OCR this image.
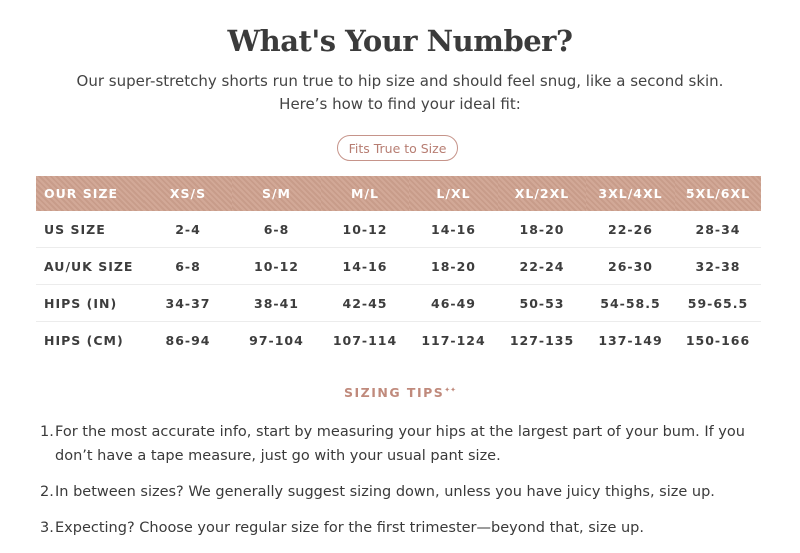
What's Your Number?
Our super-stretchy shorts run true to hip size and should feel snug, like a second skin.
Here’s how to find your ideal fit:
Fits True to Size
OUR SIZE	XS/S	S/M	M/L	L/XL	XL/2XL	3XL/4XL	5XL/6XL
US SIZE	2-4	6-8	10-12	14-16	18-20	22-26	28-34
AU/UK SIZE	6-8	10-12	14-16	18-20	22-24	26-30	32-38
HIPS (IN)	34-37	38-41	42-45	46-49	50-53	54-58.5	59-65.5
HIPS (CM)	86-94	97-104	107-114	117-124	127-135	137-149	150-166
SIZING TIPS✦✦
1. For the most accurate info, start by measuring your hips at the largest part of your bum. If you don’t have a tape measure, just go with your usual pant size.
2. In between sizes? We generally suggest sizing down, unless you have juicy thighs, size up.
3. Expecting? Choose your regular size for the first trimester—beyond that, size up.
